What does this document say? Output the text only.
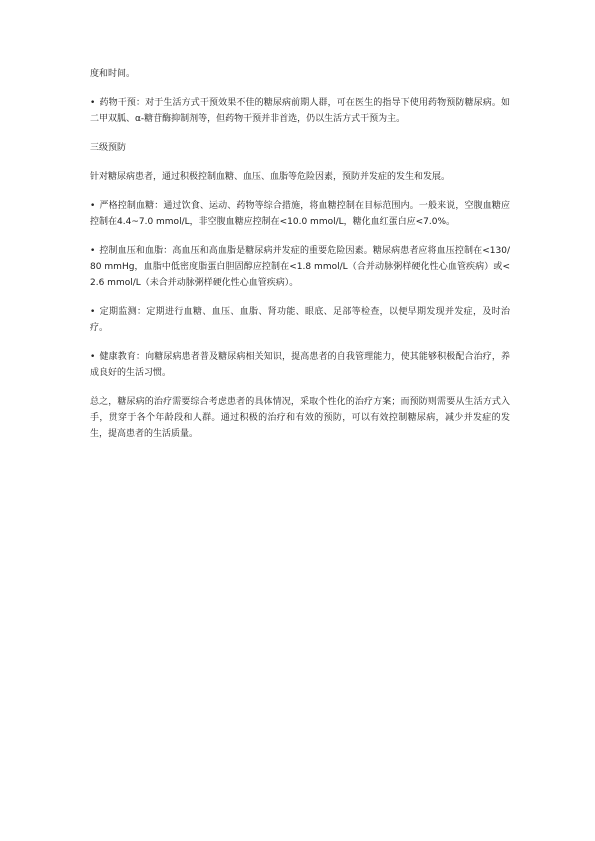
度和时间。

• 药物干预：对于生活方式干预效果不佳的糖尿病前期人群，可在医生的指导下使用药物预防糖尿病。如二甲双胍、α-糖苷酶抑制剂等，但药物干预并非首选，仍以生活方式干预为主。

三级预防

针对糖尿病患者，通过积极控制血糖、血压、血脂等危险因素，预防并发症的发生和发展。

• 严格控制血糖：通过饮食、运动、药物等综合措施，将血糖控制在目标范围内。一般来说，空腹血糖应控制在4.4~7.0 mmol/L，非空腹血糖应控制在<10.0 mmol/L，糖化血红蛋白应<7.0%。

• 控制血压和血脂：高血压和高血脂是糖尿病并发症的重要危险因素。糖尿病患者应将血压控制在<130/80 mmHg，血脂中低密度脂蛋白胆固醇应控制在<1.8 mmol/L（合并动脉粥样硬化性心血管疾病）或<2.6 mmol/L（未合并动脉粥样硬化性心血管疾病）。

• 定期监测：定期进行血糖、血压、血脂、肾功能、眼底、足部等检查，以便早期发现并发症，及时治疗。

• 健康教育：向糖尿病患者普及糖尿病相关知识，提高患者的自我管理能力，使其能够积极配合治疗，养成良好的生活习惯。

总之，糖尿病的治疗需要综合考虑患者的具体情况，采取个性化的治疗方案；而预防则需要从生活方式入手，贯穿于各个年龄段和人群。通过积极的治疗和有效的预防，可以有效控制糖尿病，减少并发症的发生，提高患者的生活质量。
